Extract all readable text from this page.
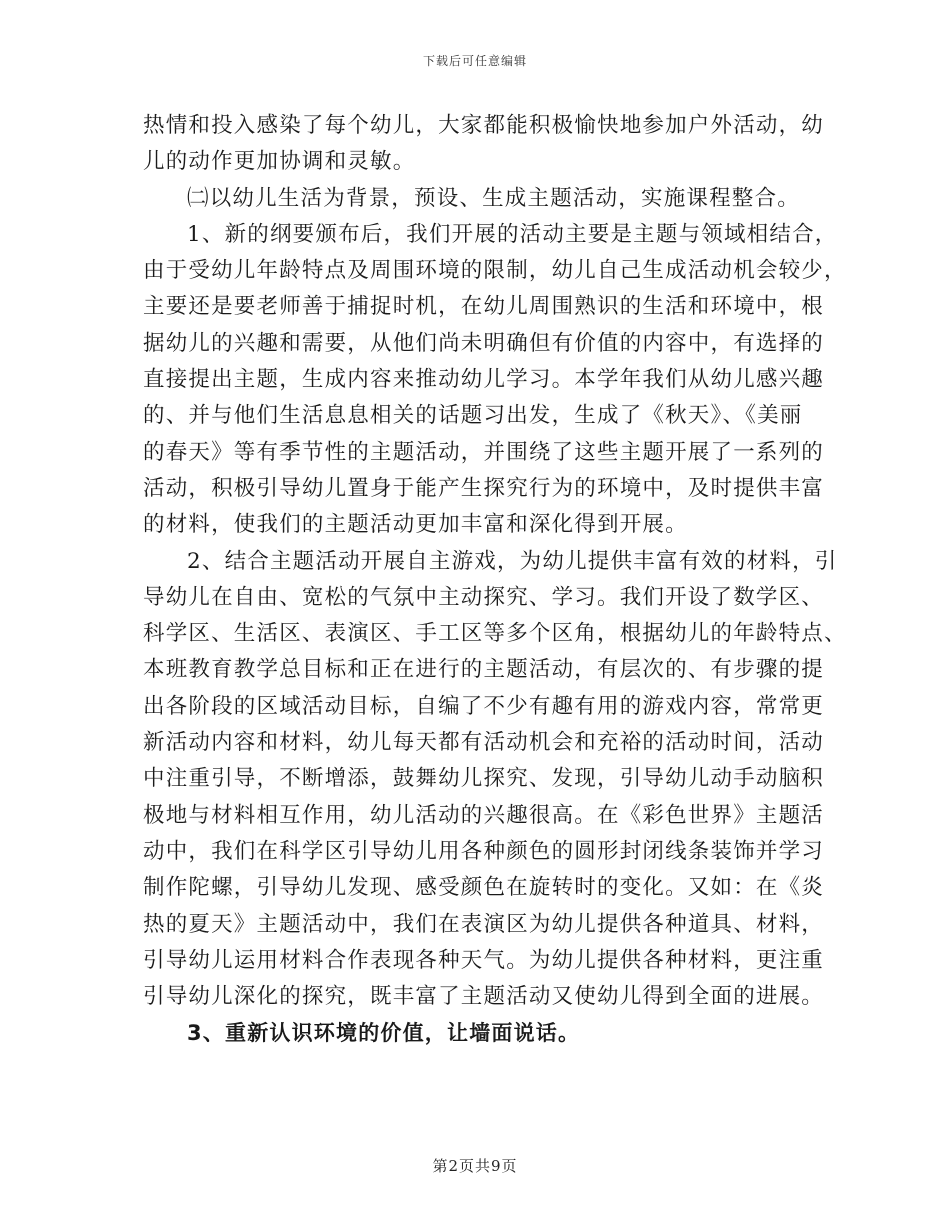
下载后可任意编辑
热情和投入感染了每个幼儿，大家都能积极愉快地参加户外活动，幼
儿的动作更加协调和灵敏。
㈡以幼儿生活为背景，预设、生成主题活动，实施课程整合。
1、新的纲要颁布后，我们开展的活动主要是主题与领域相结合，
由于受幼儿年龄特点及周围环境的限制，幼儿自己生成活动机会较少，
主要还是要老师善于捕捉时机，在幼儿周围熟识的生活和环境中，根
据幼儿的兴趣和需要，从他们尚未明确但有价值的内容中，有选择的
直接提出主题，生成内容来推动幼儿学习。本学年我们从幼儿感兴趣
的、并与他们生活息息相关的话题习出发，生成了《秋天》、《美丽
的春天》等有季节性的主题活动，并围绕了这些主题开展了一系列的
活动，积极引导幼儿置身于能产生探究行为的环境中，及时提供丰富
的材料，使我们的主题活动更加丰富和深化得到开展。
2、结合主题活动开展自主游戏，为幼儿提供丰富有效的材料，引
导幼儿在自由、宽松的气氛中主动探究、学习。我们开设了数学区、
科学区、生活区、表演区、手工区等多个区角，根据幼儿的年龄特点、
本班教育教学总目标和正在进行的主题活动，有层次的、有步骤的提
出各阶段的区域活动目标，自编了不少有趣有用的游戏内容，常常更
新活动内容和材料，幼儿每天都有活动机会和充裕的活动时间，活动
中注重引导，不断增添，鼓舞幼儿探究、发现，引导幼儿动手动脑积
极地与材料相互作用，幼儿活动的兴趣很高。在《彩色世界》主题活
动中，我们在科学区引导幼儿用各种颜色的圆形封闭线条装饰并学习
制作陀螺，引导幼儿发现、感受颜色在旋转时的变化。又如：在《炎
热的夏天》主题活动中，我们在表演区为幼儿提供各种道具、材料，
引导幼儿运用材料合作表现各种天气。为幼儿提供各种材料，更注重
引导幼儿深化的探究，既丰富了主题活动又使幼儿得到全面的进展。
3、重新认识环境的价值，让墙面说话。
第2页共9页
